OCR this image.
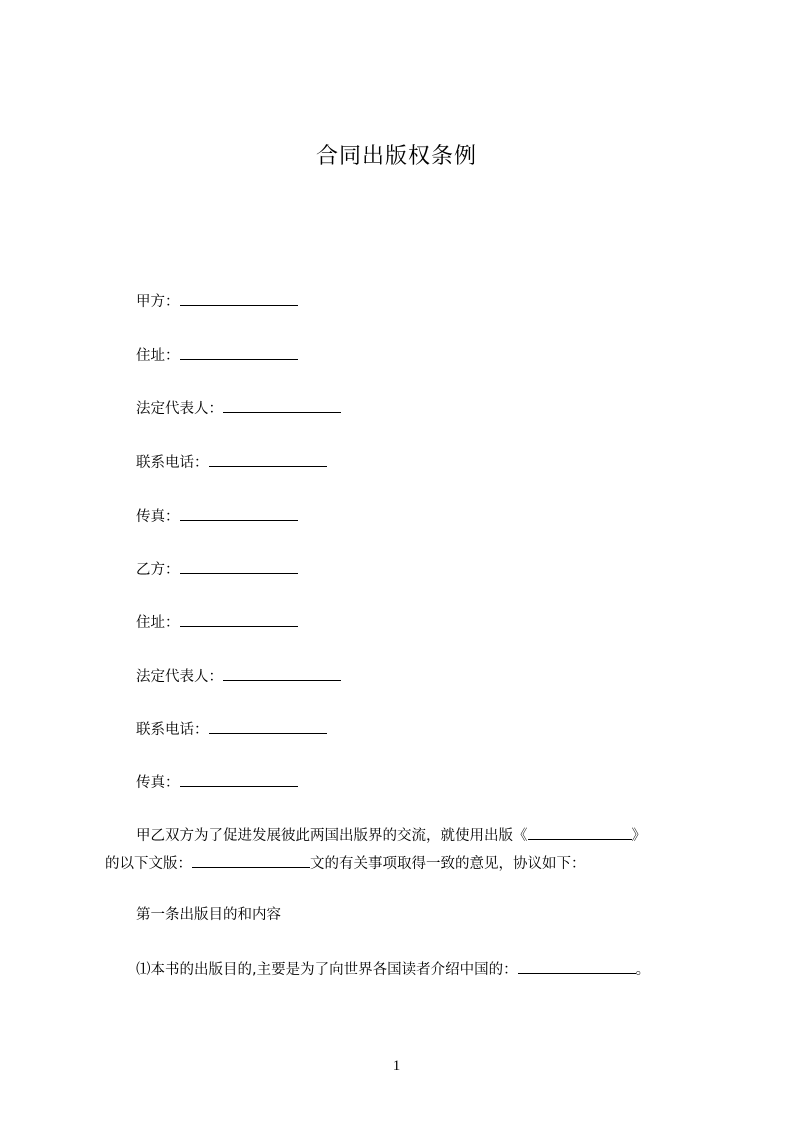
合同出版权条例
甲方：
住址：
法定代表人：
联系电话：
传真：
乙方：
住址：
法定代表人：
联系电话：
传真：
甲乙双方为了促进发展彼此两国出版界的交流，就使用出版《	》
的以下文版：	文的有关事项取得一致的意见，协议如下：
第一条出版目的和内容
⑴本书的出版目的,主要是为了向世界各国读者介绍中国的：	。
1
